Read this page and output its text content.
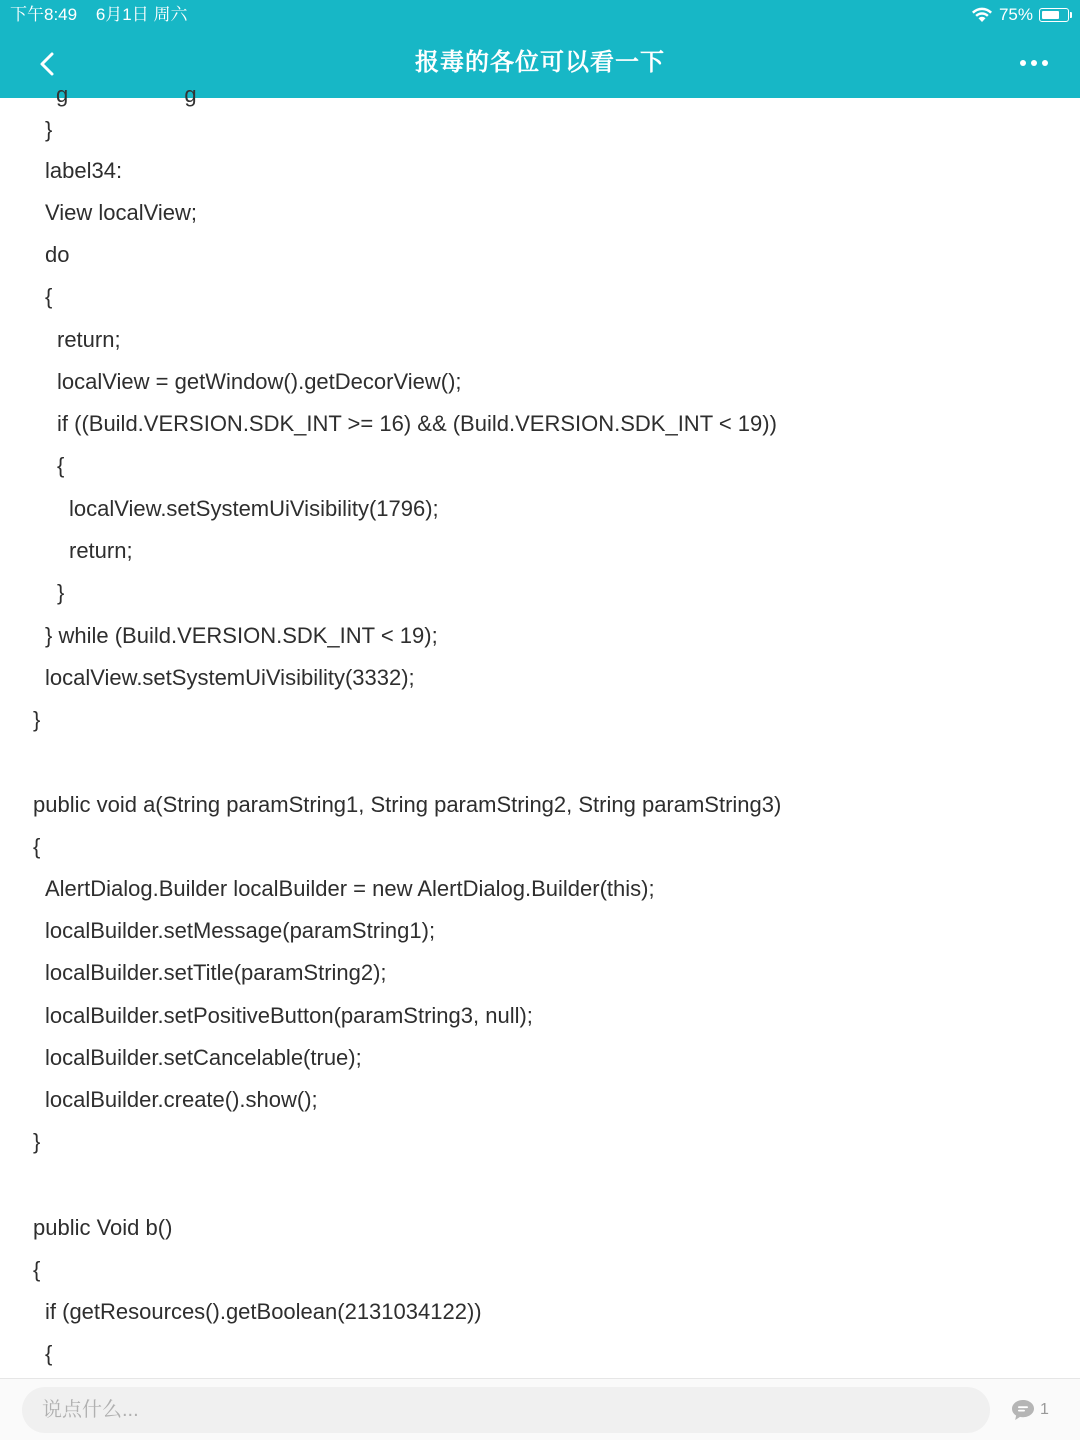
下午8:49 6月1日 周六	75%
报毒的各位可以看一下
g                   g
}
label34:
View localView;
do
{
return;
localView = getWindow().getDecorView();
if ((Build.VERSION.SDK_INT >= 16) && (Build.VERSION.SDK_INT < 19))
{
localView.setSystemUiVisibility(1796);
return;
}
} while (Build.VERSION.SDK_INT < 19);
localView.setSystemUiVisibility(3332);
}
public void a(String paramString1, String paramString2, String paramString3)
{
AlertDialog.Builder localBuilder = new AlertDialog.Builder(this);
localBuilder.setMessage(paramString1);
localBuilder.setTitle(paramString2);
localBuilder.setPositiveButton(paramString3, null);
localBuilder.setCancelable(true);
localBuilder.create().show();
}
public Void b()
{
if (getResources().getBoolean(2131034122))
{
说点什么...
1
